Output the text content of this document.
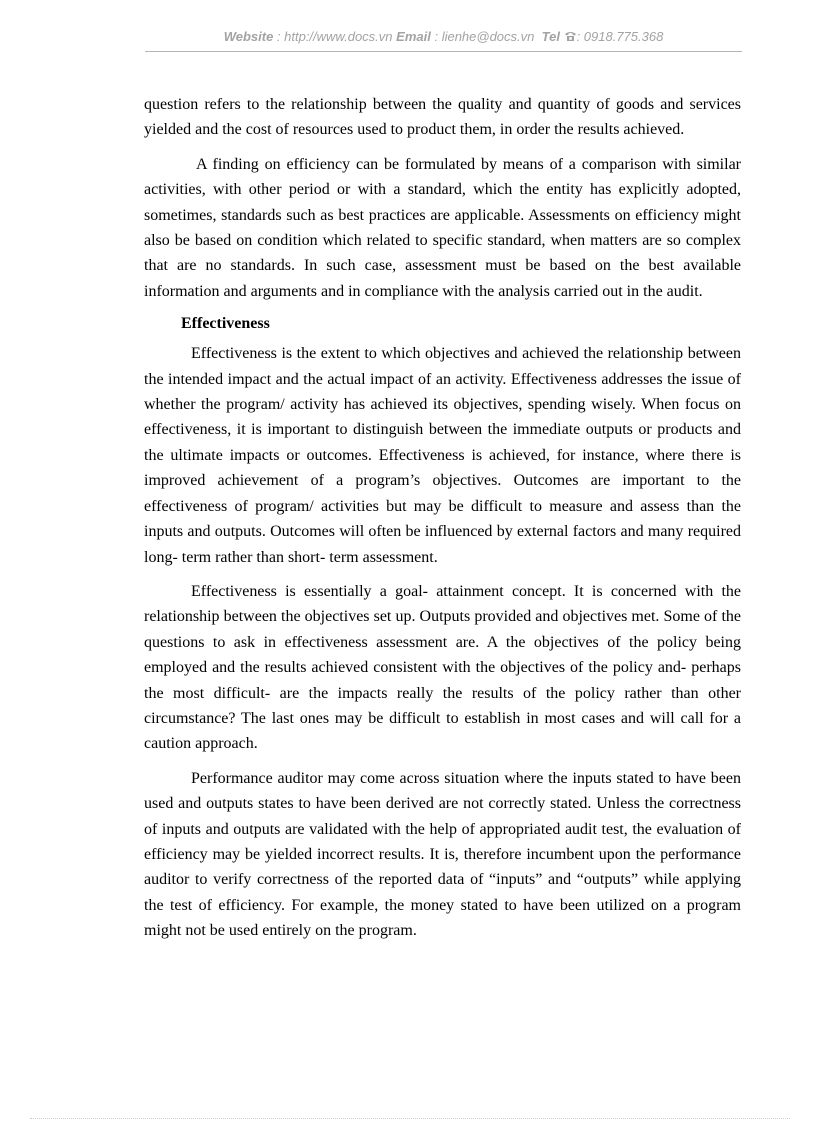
Website : http://www.docs.vn Email : lienhe@docs.vn Tel : 0918.775.368

question refers to the relationship between the quality and quantity of goods and services yielded and the cost of resources used to product them, in order the results achieved.

A finding on efficiency can be formulated by means of a comparison with similar activities, with other period or with a standard, which the entity has explicitly adopted, sometimes, standards such as best practices are applicable. Assessments on efficiency might also be based on condition which related to specific standard, when matters are so complex that are no standards. In such case, assessment must be based on the best available information and arguments and in compliance with the analysis carried out in the audit.

Effectiveness

Effectiveness is the extent to which objectives and achieved the relationship between the intended impact and the actual impact of an activity. Effectiveness addresses the issue of whether the program/ activity has achieved its objectives, spending wisely. When focus on effectiveness, it is important to distinguish between the immediate outputs or products and the ultimate impacts or outcomes. Effectiveness is achieved, for instance, where there is improved achievement of a program’s objectives. Outcomes are important to the effectiveness of program/ activities but may be difficult to measure and assess than the inputs and outputs. Outcomes will often be influenced by external factors and many required long- term rather than short- term assessment.

Effectiveness is essentially a goal- attainment concept. It is concerned with the relationship between the objectives set up. Outputs provided and objectives met. Some of the questions to ask in effectiveness assessment are. A the objectives of the policy being employed and the results achieved consistent with the objectives of the policy and- perhaps the most difficult- are the impacts really the results of the policy rather than other circumstance? The last ones may be difficult to establish in most cases and will call for a caution approach.

Performance auditor may come across situation where the inputs stated to have been used and outputs states to have been derived are not correctly stated. Unless the correctness of inputs and outputs are validated with the help of appropriated audit test, the evaluation of efficiency may be yielded incorrect results. It is, therefore incumbent upon the performance auditor to verify correctness of the reported data of “inputs” and “outputs” while applying the test of efficiency. For example, the money stated to have been utilized on a program might not be used entirely on the program.
